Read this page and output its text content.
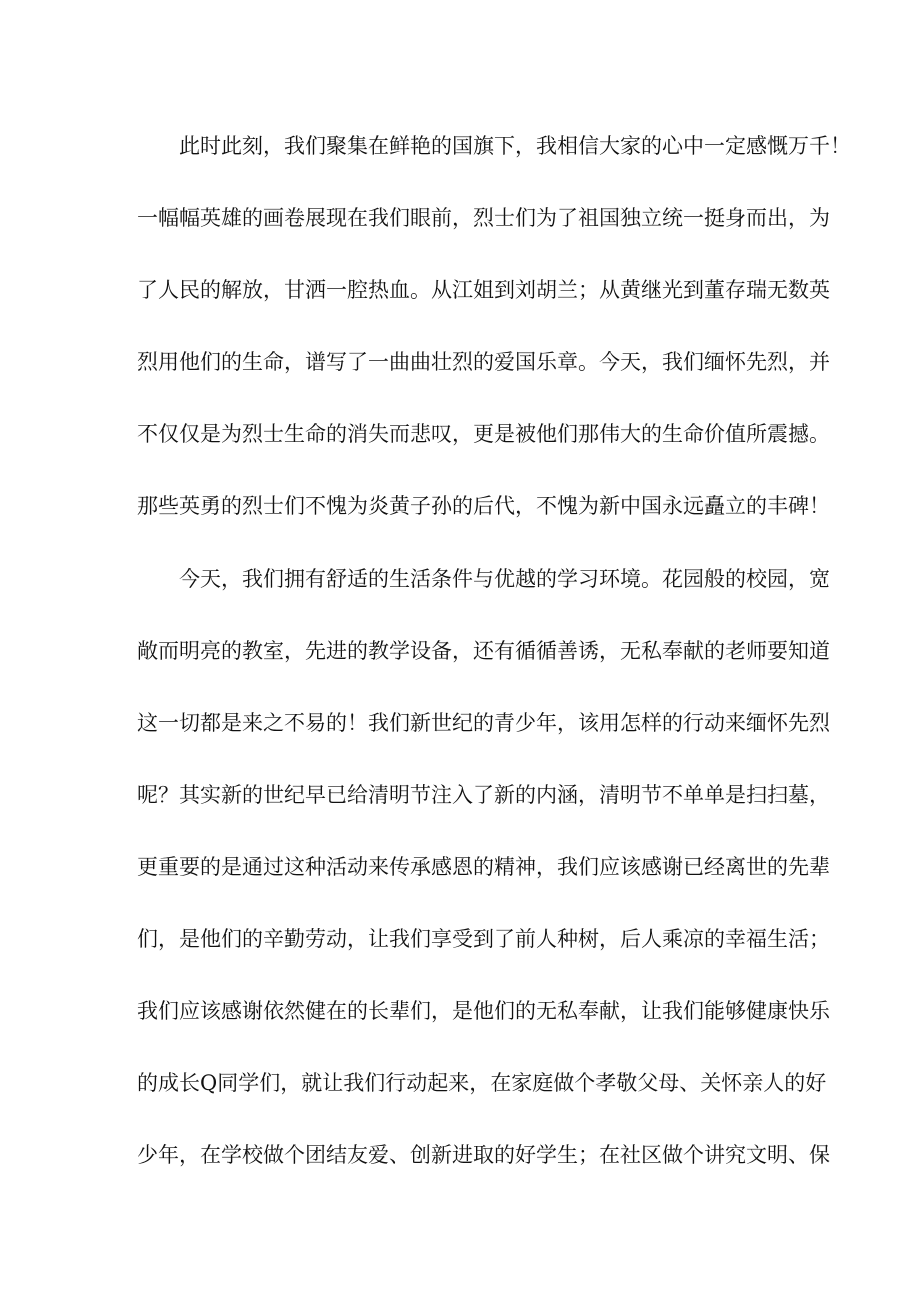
此时此刻，我们聚集在鲜艳的国旗下，我相信大家的心中一定感慨万千！
一幅幅英雄的画卷展现在我们眼前，烈士们为了祖国独立统一挺身而出，为
了人民的解放，甘洒一腔热血。从江姐到刘胡兰；从黄继光到董存瑞无数英
烈用他们的生命，谱写了一曲曲壮烈的爱国乐章。今天，我们缅怀先烈，并
不仅仅是为烈士生命的消失而悲叹，更是被他们那伟大的生命价值所震撼。
那些英勇的烈士们不愧为炎黄子孙的后代，不愧为新中国永远矗立的丰碑！
今天，我们拥有舒适的生活条件与优越的学习环境。花园般的校园，宽
敞而明亮的教室，先进的教学设备，还有循循善诱，无私奉献的老师要知道
这一切都是来之不易的！我们新世纪的青少年，该用怎样的行动来缅怀先烈
呢？其实新的世纪早已给清明节注入了新的内涵，清明节不单单是扫扫墓，
更重要的是通过这种活动来传承感恩的精神，我们应该感谢已经离世的先辈
们，是他们的辛勤劳动，让我们享受到了前人种树，后人乘凉的幸福生活；
我们应该感谢依然健在的长辈们，是他们的无私奉献，让我们能够健康快乐
的成长Q同学们，就让我们行动起来，在家庭做个孝敬父母、关怀亲人的好
少年，在学校做个团结友爱、创新进取的好学生；在社区做个讲究文明、保
